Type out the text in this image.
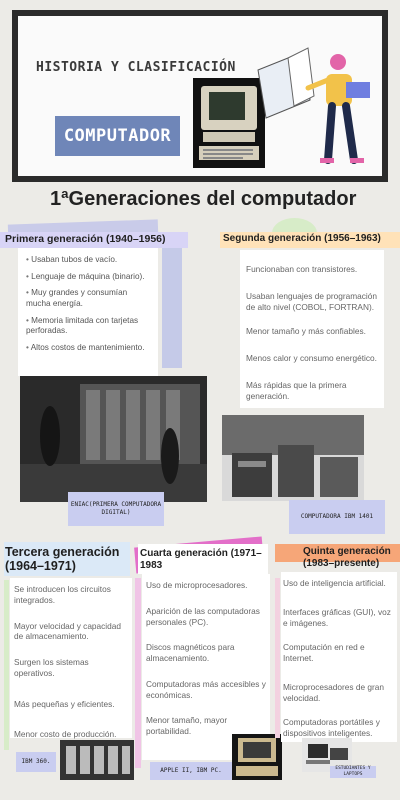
HISTORIA Y CLASIFICACIÓN
COMPUTADOR
1ªGeneraciones del computador
Primera generación (1940–1956)
• Usaban tubos de vacío.
• Lenguaje de máquina (binario).
• Muy grandes y consumían mucha energía.
• Memoria limitada con tarjetas perforadas.
• Altos costos de mantenimiento.
ENIAC(PRIMERA COMPUTADORA DIGITAL)
Segunda generación (1956–1963)

Funcionaban con transistores.

Usaban lenguajes de programación de alto nivel (COBOL, FORTRAN).

Menor tamaño y más confiables.

Menos calor y consumo energético.

Más rápidas que la primera generación.

COMPUTADORA IBM 1401
Tercera generación (1964–1971)

Se introducen los circuitos integrados.

Mayor velocidad y capacidad de almacenamiento.

Surgen los sistemas operativos.

Más pequeñas y eficientes.

Menor costo de producción.

IBM 360.
Cuarta generación (1971–1983

Uso de microprocesadores.

Aparición de las computadoras personales (PC).

Discos magnéticos para almacenamiento.

Computadoras más accesibles y económicas.

Menor tamaño, mayor portabilidad.

APPLE II, IBM PC.
Quinta generación (1983–presente)

Uso de inteligencia artificial.

Interfaces gráficas (GUI), voz e imágenes.

Computación en red e Internet.

Microprocesadores de gran velocidad.

Computadoras portátiles y dispositivos inteligentes.

ESTUDIANTES Y LAPTOPS
